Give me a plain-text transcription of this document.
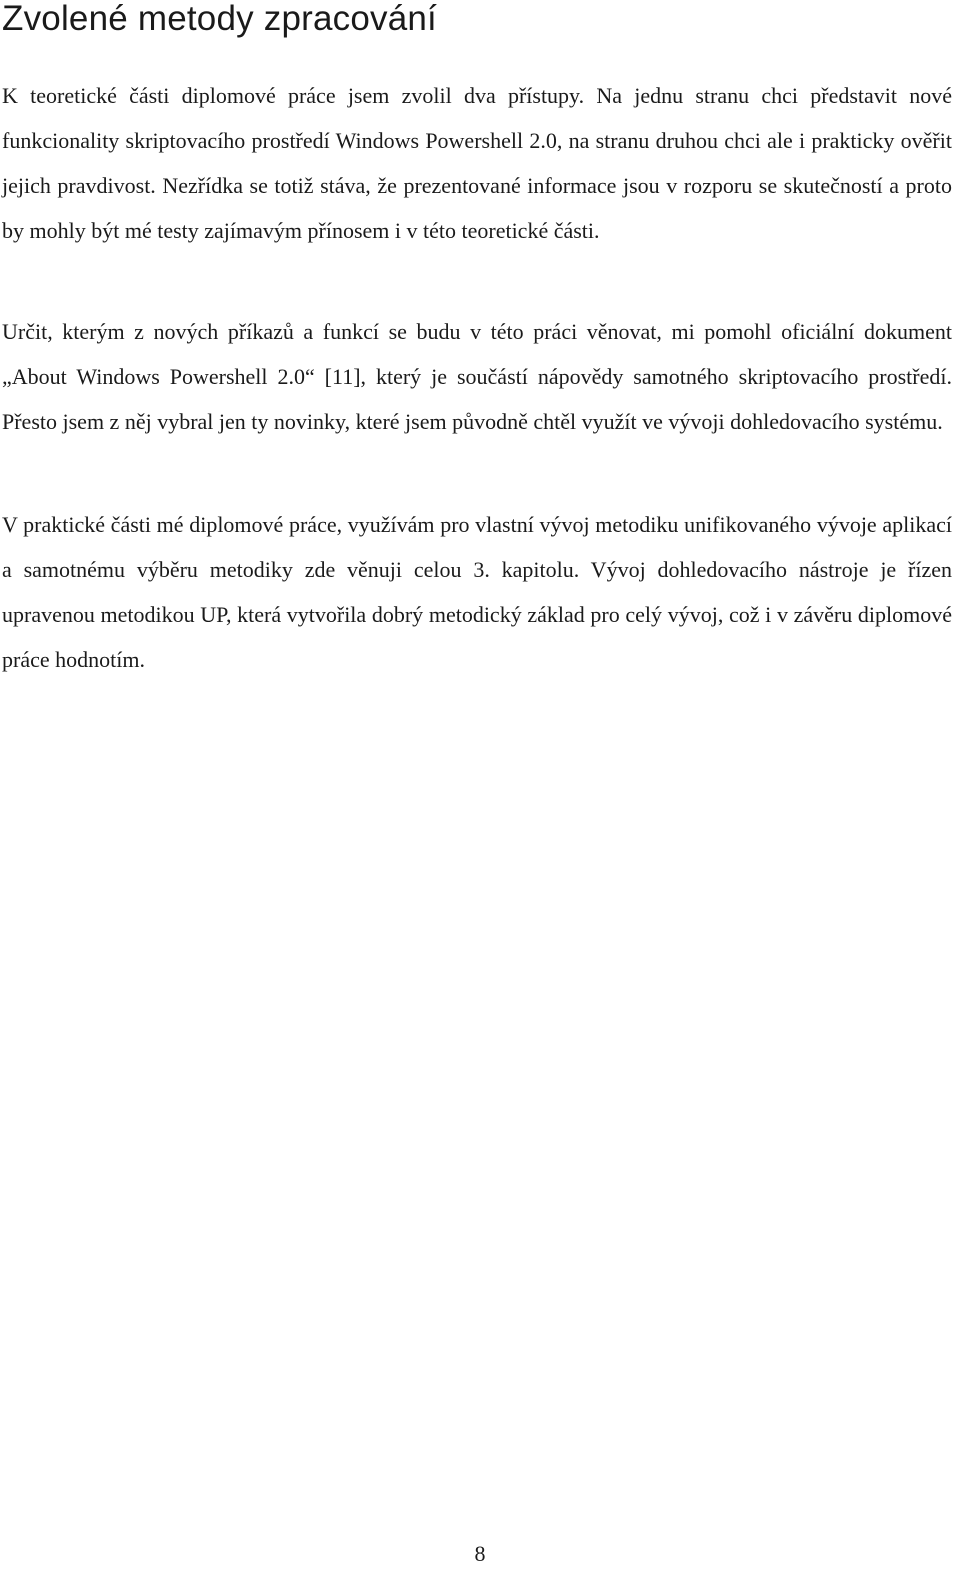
Zvolené metody zpracování

K teoretické části diplomové práce jsem zvolil dva přístupy. Na jednu stranu chci představit nové funkcionality skriptovacího prostředí Windows Powershell 2.0, na stranu druhou chci ale i prakticky ověřit jejich pravdivost. Nezřídka se totiž stáva, že prezentované informace jsou v rozporu se skutečností a proto by mohly být mé testy zajímavým přínosem i v této teoretické části.

Určit, kterým z nových příkazů a funkcí se budu v této práci věnovat, mi pomohl oficiální dokument „About Windows Powershell 2.0“ [11], který je součástí nápovědy samotného skriptovacího prostředí. Přesto jsem z něj vybral jen ty novinky, které jsem původně chtěl využít ve vývoji dohledovacího systému.

V praktické části mé diplomové práce, využívám pro vlastní vývoj metodiku unifikovaného vývoje aplikací a samotnému výběru metodiky zde věnuji celou 3. kapitolu. Vývoj dohledovacího nástroje je řízen upravenou metodikou UP, která vytvořila dobrý metodický základ pro celý vývoj, což i v závěru diplomové práce hodnotím.

8
